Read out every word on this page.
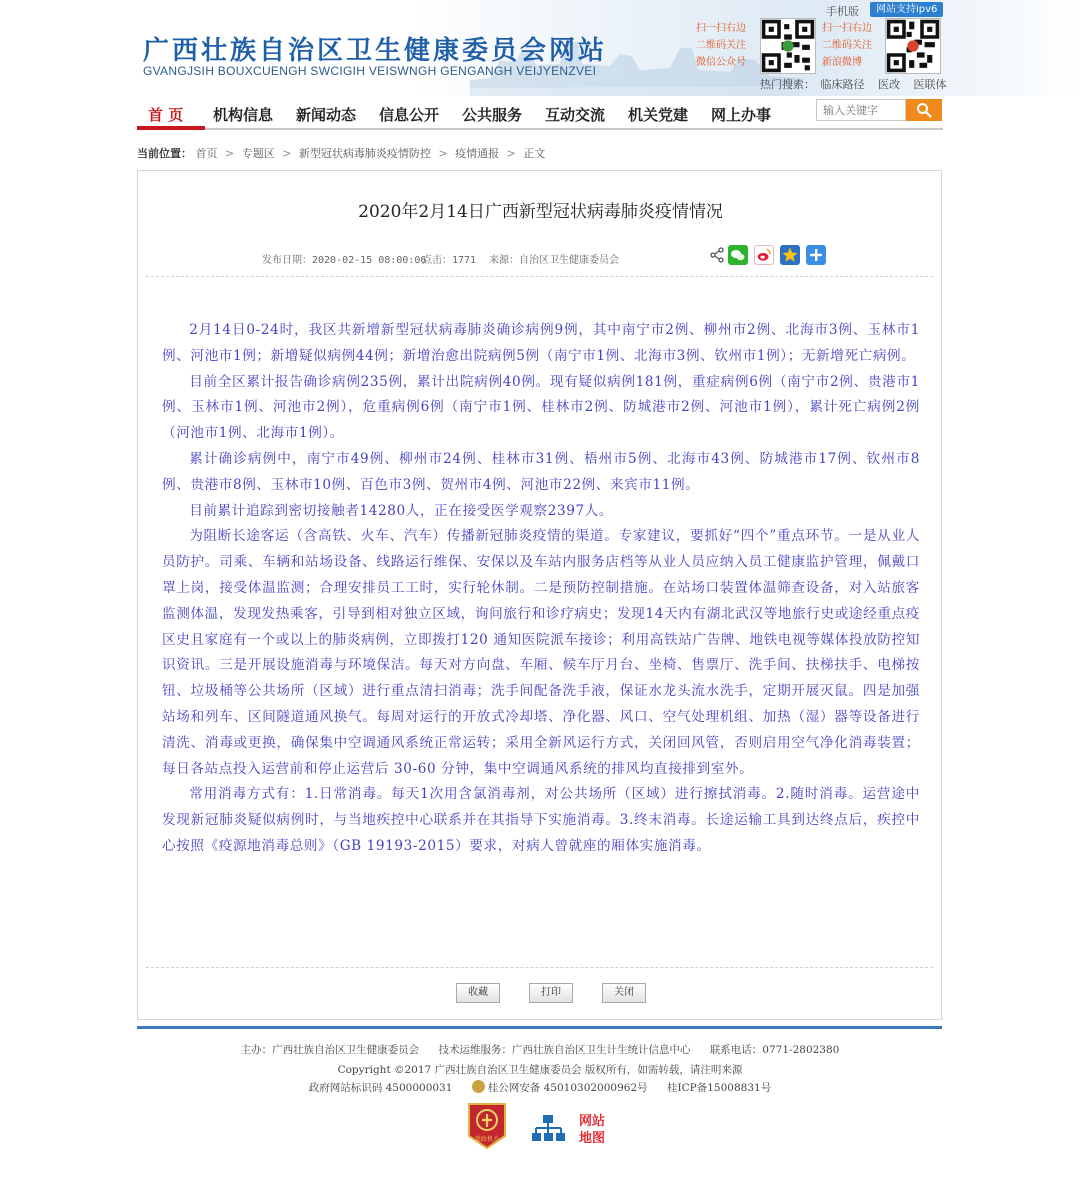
广西壮族自治区卫生健康委员会网站
GVANGJSIH BOUXCUENGH SWCIGIH VEISWNGH GENGANGH VEIJYENZVEI
扫一扫右边
二维码关注
微信公众号
扫一扫右边
二维码关注
新浪微博
手机版	网站支持ipv6
热门搜索： 临床路径 医改 医联体
首 页 机构信息 新闻动态 信息公开 公共服务 互动交流 机关党建 网上办事
输入关键字
当前位置： 首页 > 专题区 > 新型冠状病毒肺炎疫情防控 > 疫情通报 > 正文
2020年2月14日广西新型冠状病毒肺炎疫情情况
发布日期：2020-02-15 08:00:06
点击：1771 来源：自治区卫生健康委员会

2月14日0-24时，我区共新增新型冠状病毒肺炎确诊病例9例，其中南宁市2例、柳州市2例、北海市3例、玉林市1例、河池市1例；新增疑似病例44例；新增治愈出院病例5例（南宁市1例、北海市3例、钦州市1例）；无新增死亡病例。

目前全区累计报告确诊病例235例，累计出院病例40例。现有疑似病例181例，重症病例6例（南宁市2例、贵港市1例、玉林市1例、河池市2例），危重病例6例（南宁市1例、桂林市2例、防城港市2例、河池市1例），累计死亡病例2例（河池市1例、北海市1例）。

累计确诊病例中，南宁市49例、柳州市24例、桂林市31例、梧州市5例、北海市43例、防城港市17例、钦州市8例、贵港市8例、玉林市10例、百色市3例、贺州市4例、河池市22例、来宾市11例。

目前累计追踪到密切接触者14280人，正在接受医学观察2397人。

为阻断长途客运（含高铁、火车、汽车）传播新冠肺炎疫情的渠道。专家建议，要抓好“四个”重点环节。一是从业人员防护。司乘、车辆和站场设备、线路运行维保、安保以及车站内服务店档等从业人员应纳入员工健康监护管理，佩戴口罩上岗，接受体温监测；合理安排员工工时，实行轮休制。二是预防控制措施。在站场口装置体温筛查设备，对入站旅客监测体温，发现发热乘客，引导到相对独立区域，询问旅行和诊疗病史；发现14天内有湖北武汉等地旅行史或途经重点疫区史且家庭有一个或以上的肺炎病例，立即拨打120 通知医院派车接诊；利用高铁站广告牌、地铁电视等媒体投放防控知识资讯。三是开展设施消毒与环境保洁。每天对方向盘、车厢、候车厅月台、坐椅、售票厅、洗手间、扶梯扶手、电梯按钮、垃圾桶等公共场所（区域）进行重点清扫消毒；洗手间配备洗手液，保证水龙头流水洗手，定期开展灭鼠。四是加强站场和列车、区间隧道通风换气。每周对运行的开放式冷却塔、净化器、风口、空气处理机组、加热（湿）器等设备进行清洗、消毒或更换，确保集中空调通风系统正常运转；采用全新风运行方式，关闭回风管，否则启用空气净化消毒装置；每日各站点投入运营前和停止运营后 30-60 分钟，集中空调通风系统的排风均直接排到室外。

常用消毒方式有：1.日常消毒。每天1次用含氯消毒剂，对公共场所（区域）进行擦拭消毒。2.随时消毒。运营途中发现新冠肺炎疑似病例时，与当地疾控中心联系并在其指导下实施消毒。3.终末消毒。长途运输工具到达终点后，疾控中心按照《疫源地消毒总则》（GB 19193-2015）要求，对病人曾就座的厢体实施消毒。

收藏	打印	关闭
主办：广西壮族自治区卫生健康委员会 技术运维服务：广西壮族自治区卫生计生统计信息中心 联系电话：0771-2802380
Copyright ©2017 广西壮族自治区卫生健康委员会 版权所有，如需转载，请注明来源
政府网站标识码 4500000031	桂公网安备 45010302000962号 桂ICP备15008831号
党政机关
网站
地图
